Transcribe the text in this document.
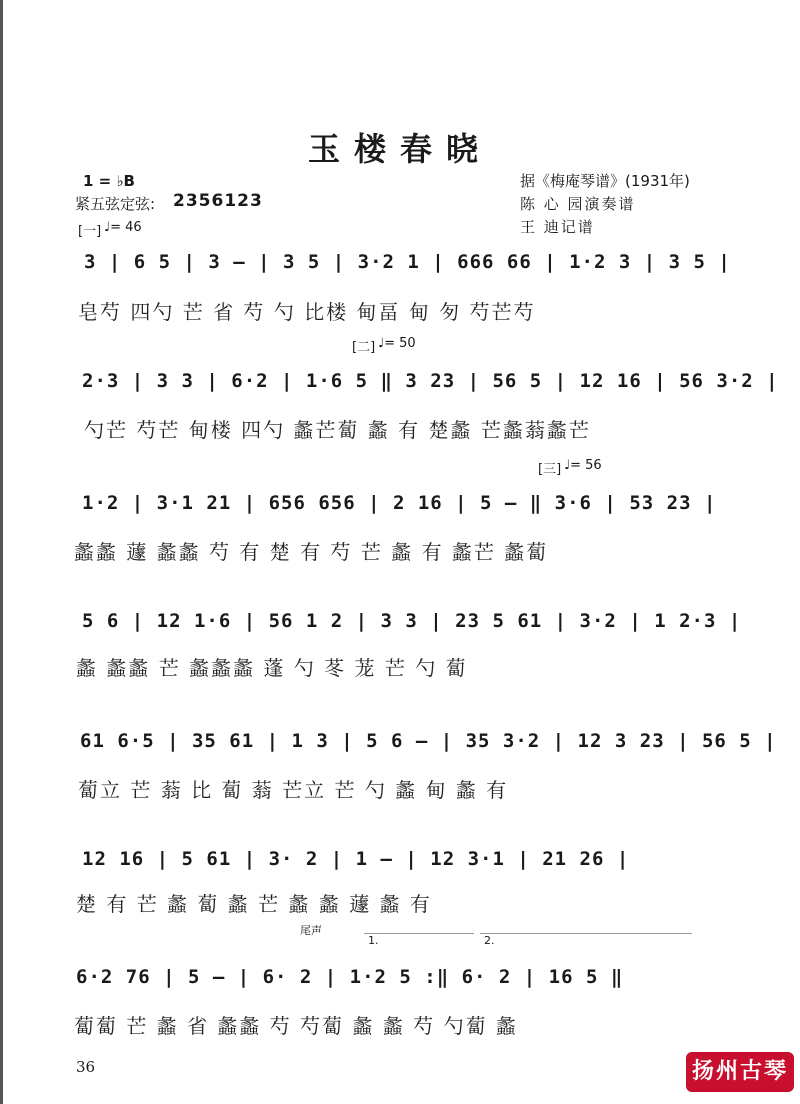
玉楼春晓
1 = ♭B
紧五弦定弦: 2356123
据《梅庵琴谱》(1931年)
陈 心 园演奏谱
王 迪记谱
[一] ♩= 46
3 | 6 5 | 3 — | 3 5 | 3·2 1 | 666 66 | 1·2 3 | 3 5 |
皂芍 四勺 芒 省 芍 勺 比楼 甸畐 甸 匇 芍芒芍
[二] ♩= 50
2·3 | 3 3 | 6·2 | 1·6 5 ‖ 3 23 | 56 5 | 12 16 | 56 3·2 |
勺芒 芍芒 甸楼 四勺 蠡芒蔔 蠡 有 楚蠡 芒蠡蓊蠡芒
[三] ♩= 56
1·2 | 3·1 21 | 656 656 | 2 16 | 5 — ‖ 3·6 | 53 23 |
蠡蠡 蘧 蠡蠡 芍 有 楚 有 芍 芒 蠡 有 蠡芒 蠡蔔
5 6 | 12 1·6 | 56 1 2 | 3 3 | 23 5 61 | 3·2 | 1 2·3 |
蠡 蠡蠡 芒 蠡蠡蠡 蓬 勺 苳 茏 芒 勺 蔔
61 6·5 | 35 61 | 1 3 | 5 6 — | 35 3·2 | 12 3 23 | 56 5 |
蔔立 芒 蓊 比 蔔 蓊 芒立 芒 勺 蠡 甸 蠡 有
12 16 | 5 61 | 3· 2 | 1 — | 12 3·1 | 21 26 |
楚 有 芒 蠡 蔔 蠡 芒 蠡 蠡 蘧 蠡 有
尾声
1.	2.
6·2 76 | 5 — | 6· 2 | 1·2 5 :‖ 6· 2 | 16 5 ‖
蔔蔔 芒 蠡 省 蠡蠡 芍 芍蔔 蠡 蠡 芍 勺蔔 蠡
36	扬州古琴
